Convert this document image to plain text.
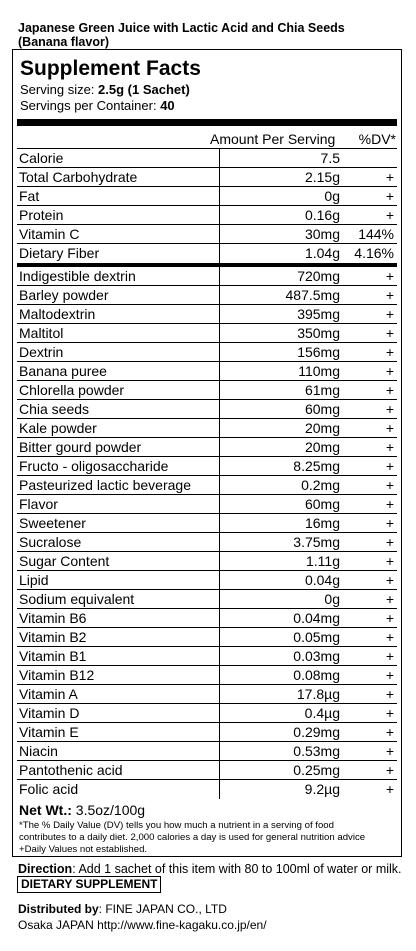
Japanese Green Juice with Lactic Acid and Chia Seeds
(Banana flavor)
Supplement Facts
Serving size: 2.5g (1 Sachet)
Servings per Container: 40
Amount Per Serving %DV*
Calorie	7.5
Total Carbohydrate	2.15g	+
Fat	0g	+
Protein	0.16g	+
Vitamin C	30mg	144%
Dietary Fiber	1.04g	4.16%
Indigestible dextrin	720mg	+
Barley powder	487.5mg	+
Maltodextrin	395mg	+
Maltitol	350mg	+
Dextrin	156mg	+
Banana puree	110mg	+
Chlorella powder	61mg	+
Chia seeds	60mg	+
Kale powder	20mg	+
Bitter gourd powder	20mg	+
Fructo - oligosaccharide	8.25mg	+
Pasteurized lactic beverage	0.2mg	+
Flavor	60mg	+
Sweetener	16mg	+
Sucralose	3.75mg	+
Sugar Content	1.11g	+
Lipid	0.04g	+
Sodium equivalent	0g	+
Vitamin B6	0.04mg	+
Vitamin B2	0.05mg	+
Vitamin B1	0.03mg	+
Vitamin B12	0.08mg	+
Vitamin A	17.8µg	+
Vitamin D	0.4µg	+
Vitamin E	0.29mg	+
Niacin	0.53mg	+
Pantothenic acid	0.25mg	+
Folic acid	9.2µg	+
Net Wt.: 3.5oz/100g
*The % Daily Value (DV) tells you how much a nutrient in a serving of food
contributes to a daily diet. 2,000 calories a day is used for general nutrition advice
+Daily Values not established.
Direction: Add 1 sachet of this item with 80 to 100ml of water or milk.
DIETARY SUPPLEMENT
Distributed by: FINE JAPAN CO., LTD
Osaka JAPAN http://www.fine-kagaku.co.jp/en/
